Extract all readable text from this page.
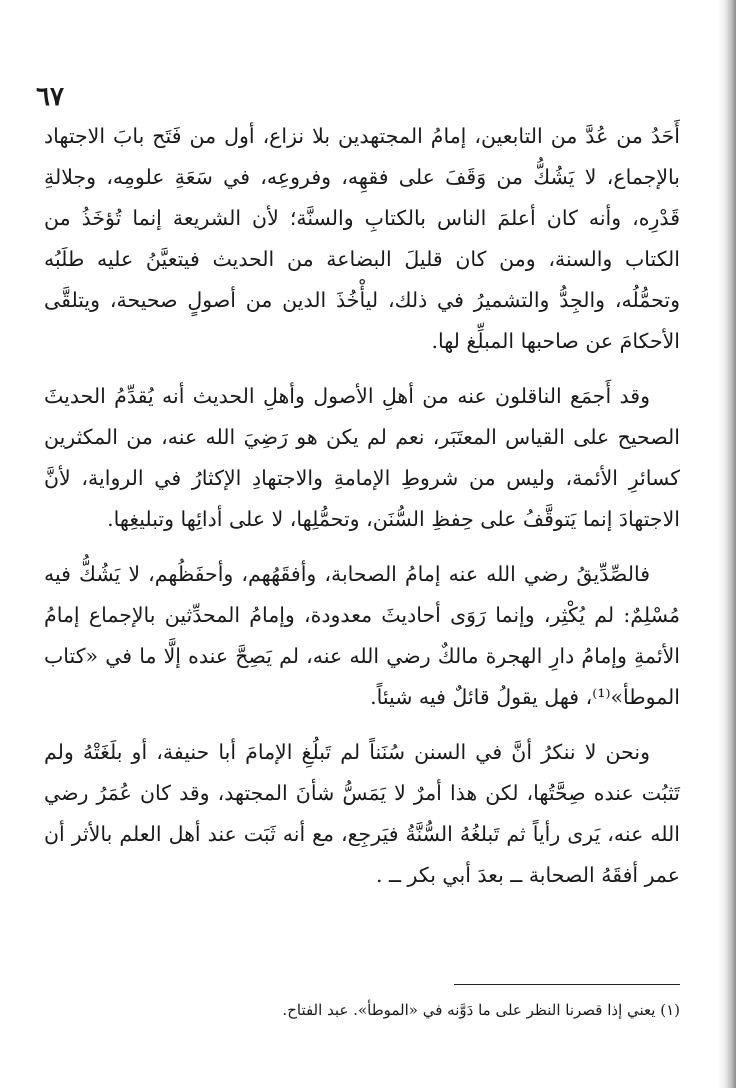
٦٧

أَحَدُ من عُدَّ من التابعين، إمامُ المجتهدين بلا نزاع، أول من فَتَح بابَ الاجتهاد بالإجماع، لا يَشُكُّ من وَقَفَ على فقهِه، وفروعِه، في سَعَةِ علومِه، وجلالةِ قَدْرِه، وأنه كان أعلمَ الناس بالكتابِ والسنَّة؛ لأن الشريعة إنما تُؤخَذُ من الكتاب والسنة، ومن كان قليلَ البضاعة من الحديث فيتعيَّنُ عليه طلَبُه وتحمُّلُه، والجِدُّ والتشميرُ في ذلك، ليأْخُذَ الدين من أصولٍ صحيحة، ويتلقَّى الأحكامَ عن صاحبها المبلِّغ لها.

وقد أَجمَع الناقلون عنه من أهلِ الأصول وأهلِ الحديث أنه يُقدِّمُ الحديثَ الصحيح على القياس المعتَبَر، نعم لم يكن هو رَضِيَ الله عنه، من المكثرين كسائرِ الأئمة، وليس من شروطِ الإمامةِ والاجتهادِ الإكثارُ في الرواية، لأنَّ الاجتهادَ إنما يَتوقَّفُ على حِفظِ السُّنَن، وتحمُّلِها، لا على أدائِها وتبليغِها.

فالصِّدِّيقُ رضي الله عنه إمامُ الصحابة، وأفقَهُهم، وأحفَظُهم، لا يَشُكُّ فيه مُسْلِمٌ: لم يُكْثِر، وإنما رَوَى أحاديثَ معدودة، وإمامُ المحدِّثين بالإجماع إمامُ الأئمةِ وإمامُ دارِ الهجرة مالكٌ رضي الله عنه، لم يَصِحَّ عنده إلَّا ما في «كتاب الموطأ»⁽¹⁾، فهل يقولُ قائلٌ فيه شيئاً.

ونحن لا ننكرُ أنَّ في السنن سُنَناً لم تَبلُغِ الإمامَ أبا حنيفة، أو بلَغَتْهُ ولم تَثبُت عنده صِحَّتُها، لكن هذا أمرٌ لا يَمَسُّ شأنَ المجتهد، وقد كان عُمَرُ رضي الله عنه، يَرى رأياً ثم تَبلغُهُ السُّنَّةُ فيَرجِع، مع أنه ثَبَت عند أهل العلم بالأثر أن عمر أفقَهُ الصحابة ــ بعدَ أبي بكر ــ .

(١) يعني إذا قصرنا النظر على ما دَوَّنه في «الموطأ». عبد الفتاح.
